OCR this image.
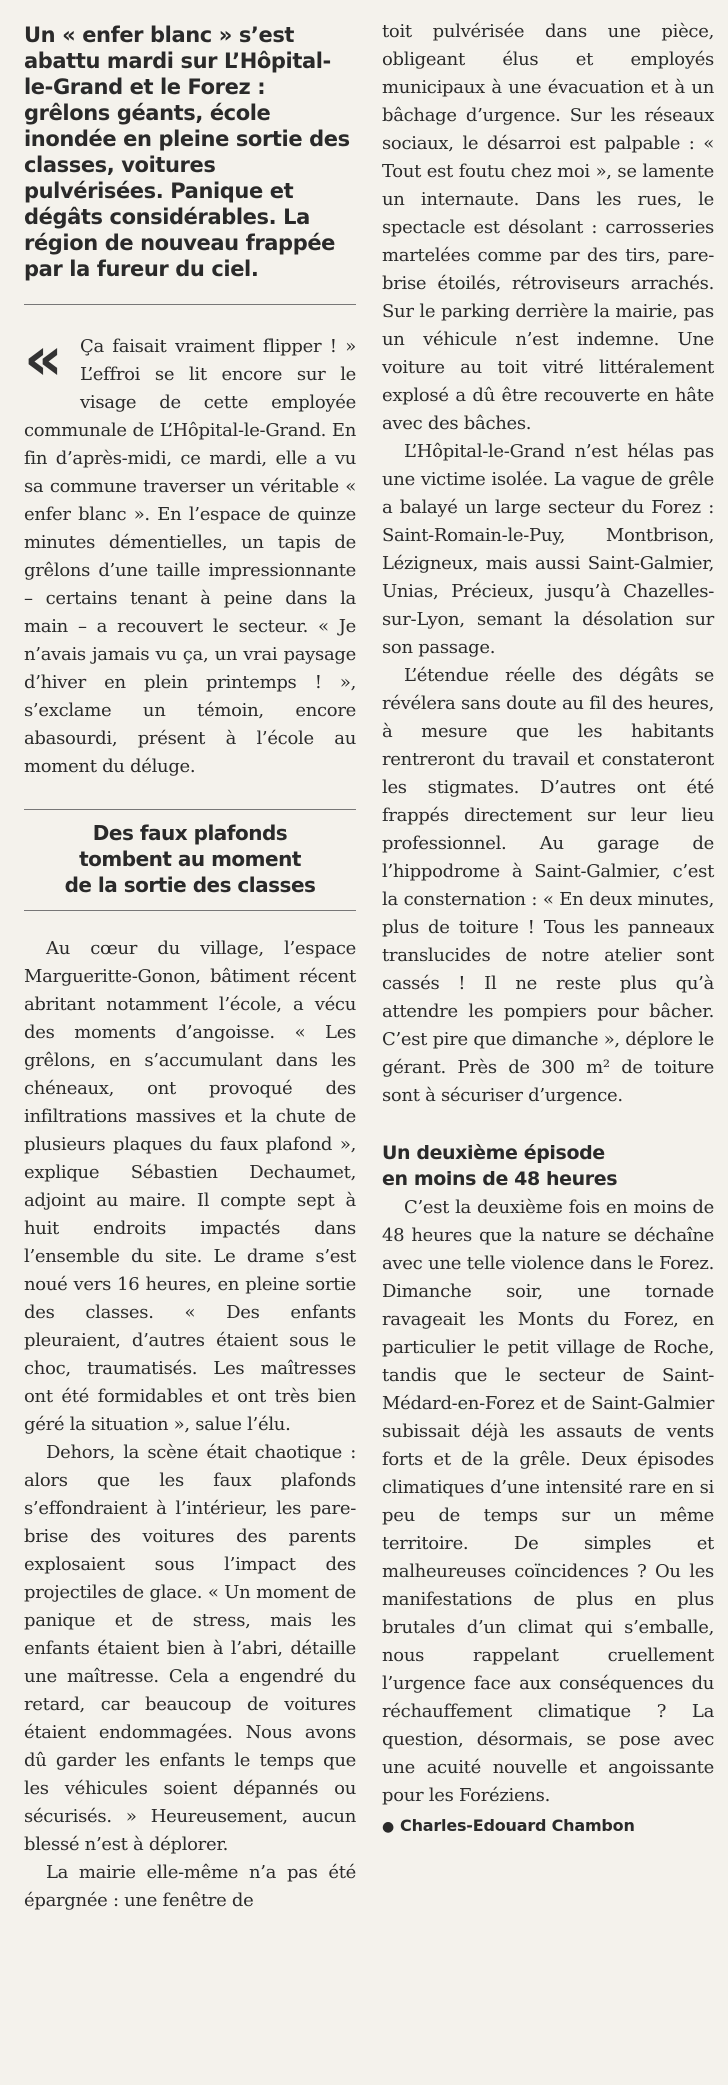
Un « enfer blanc » s’est abattu mardi sur L’Hôpital-le-Grand et le Forez : grêlons géants, école inondée en pleine sortie des classes, voitures pulvérisées. Panique et dégâts considérables. La région de nouveau frappée par la fureur du ciel.

« Ça faisait vraiment flipper ! » L’effroi se lit encore sur le visage de cette employée communale de L’Hôpital-le-Grand. En fin d’après-midi, ce mardi, elle a vu sa commune traverser un véritable « enfer blanc ». En l’espace de quinze minutes démentielles, un tapis de grêlons d’une taille impressionnante – certains tenant à peine dans la main – a recouvert le secteur. « Je n’avais jamais vu ça, un vrai paysage d’hiver en plein printemps ! », s’exclame un témoin, encore abasourdi, présent à l’école au moment du déluge.

Des faux plafonds
tombent au moment
de la sortie des classes

Au cœur du village, l’espace Margueritte-Gonon, bâtiment récent abritant notamment l’école, a vécu des moments d’angoisse. « Les grêlons, en s’accumulant dans les chéneaux, ont provoqué des infiltrations massives et la chute de plusieurs plaques du faux plafond », explique Sébastien Dechaumet, adjoint au maire. Il compte sept à huit endroits impactés dans l’ensemble du site. Le drame s’est noué vers 16 heures, en pleine sortie des classes. « Des enfants pleuraient, d’autres étaient sous le choc, traumatisés. Les maîtresses ont été formidables et ont très bien géré la situation », salue l’élu.

Dehors, la scène était chaotique : alors que les faux plafonds s’effondraient à l’intérieur, les pare-brise des voitures des parents explosaient sous l’impact des projectiles de glace. « Un moment de panique et de stress, mais les enfants étaient bien à l’abri, détaille une maîtresse. Cela a engendré du retard, car beaucoup de voitures étaient endommagées. Nous avons dû garder les enfants le temps que les véhicules soient dépannés ou sécurisés. » Heureusement, aucun blessé n’est à déplorer.

La mairie elle-même n’a pas été épargnée : une fenêtre de

toit pulvérisée dans une pièce, obligeant élus et employés municipaux à une évacuation et à un bâchage d’urgence. Sur les réseaux sociaux, le désarroi est palpable : « Tout est foutu chez moi », se lamente un internaute. Dans les rues, le spectacle est désolant : carrosseries martelées comme par des tirs, pare-brise étoilés, rétroviseurs arrachés. Sur le parking derrière la mairie, pas un véhicule n’est indemne. Une voiture au toit vitré littéralement explosé a dû être recouverte en hâte avec des bâches.

L’Hôpital-le-Grand n’est hélas pas une victime isolée. La vague de grêle a balayé un large secteur du Forez : Saint-Romain-le-Puy, Montbrison, Lézigneux, mais aussi Saint-Galmier, Unias, Précieux, jusqu’à Chazelles-sur-Lyon, semant la désolation sur son passage.

L’étendue réelle des dégâts se révélera sans doute au fil des heures, à mesure que les habitants rentreront du travail et constateront les stigmates. D’autres ont été frappés directement sur leur lieu professionnel. Au garage de l’hippodrome à Saint-Galmier, c’est la consternation : « En deux minutes, plus de toiture ! Tous les panneaux translucides de notre atelier sont cassés ! Il ne reste plus qu’à attendre les pompiers pour bâcher. C’est pire que dimanche », déplore le gérant. Près de 300 m² de toiture sont à sécuriser d’urgence.

Un deuxième épisode
en moins de 48 heures

C’est la deuxième fois en moins de 48 heures que la nature se déchaîne avec une telle violence dans le Forez. Dimanche soir, une tornade ravageait les Monts du Forez, en particulier le petit village de Roche, tandis que le secteur de Saint-Médard-en-Forez et de Saint-Galmier subissait déjà les assauts de vents forts et de la grêle. Deux épisodes climatiques d’une intensité rare en si peu de temps sur un même territoire. De simples et malheureuses coïncidences ? Ou les manifestations de plus en plus brutales d’un climat qui s’emballe, nous rappelant cruellement l’urgence face aux conséquences du réchauffement climatique ? La question, désormais, se pose avec une acuité nouvelle et angoissante pour les Foréziens.

● Charles-Edouard Chambon
